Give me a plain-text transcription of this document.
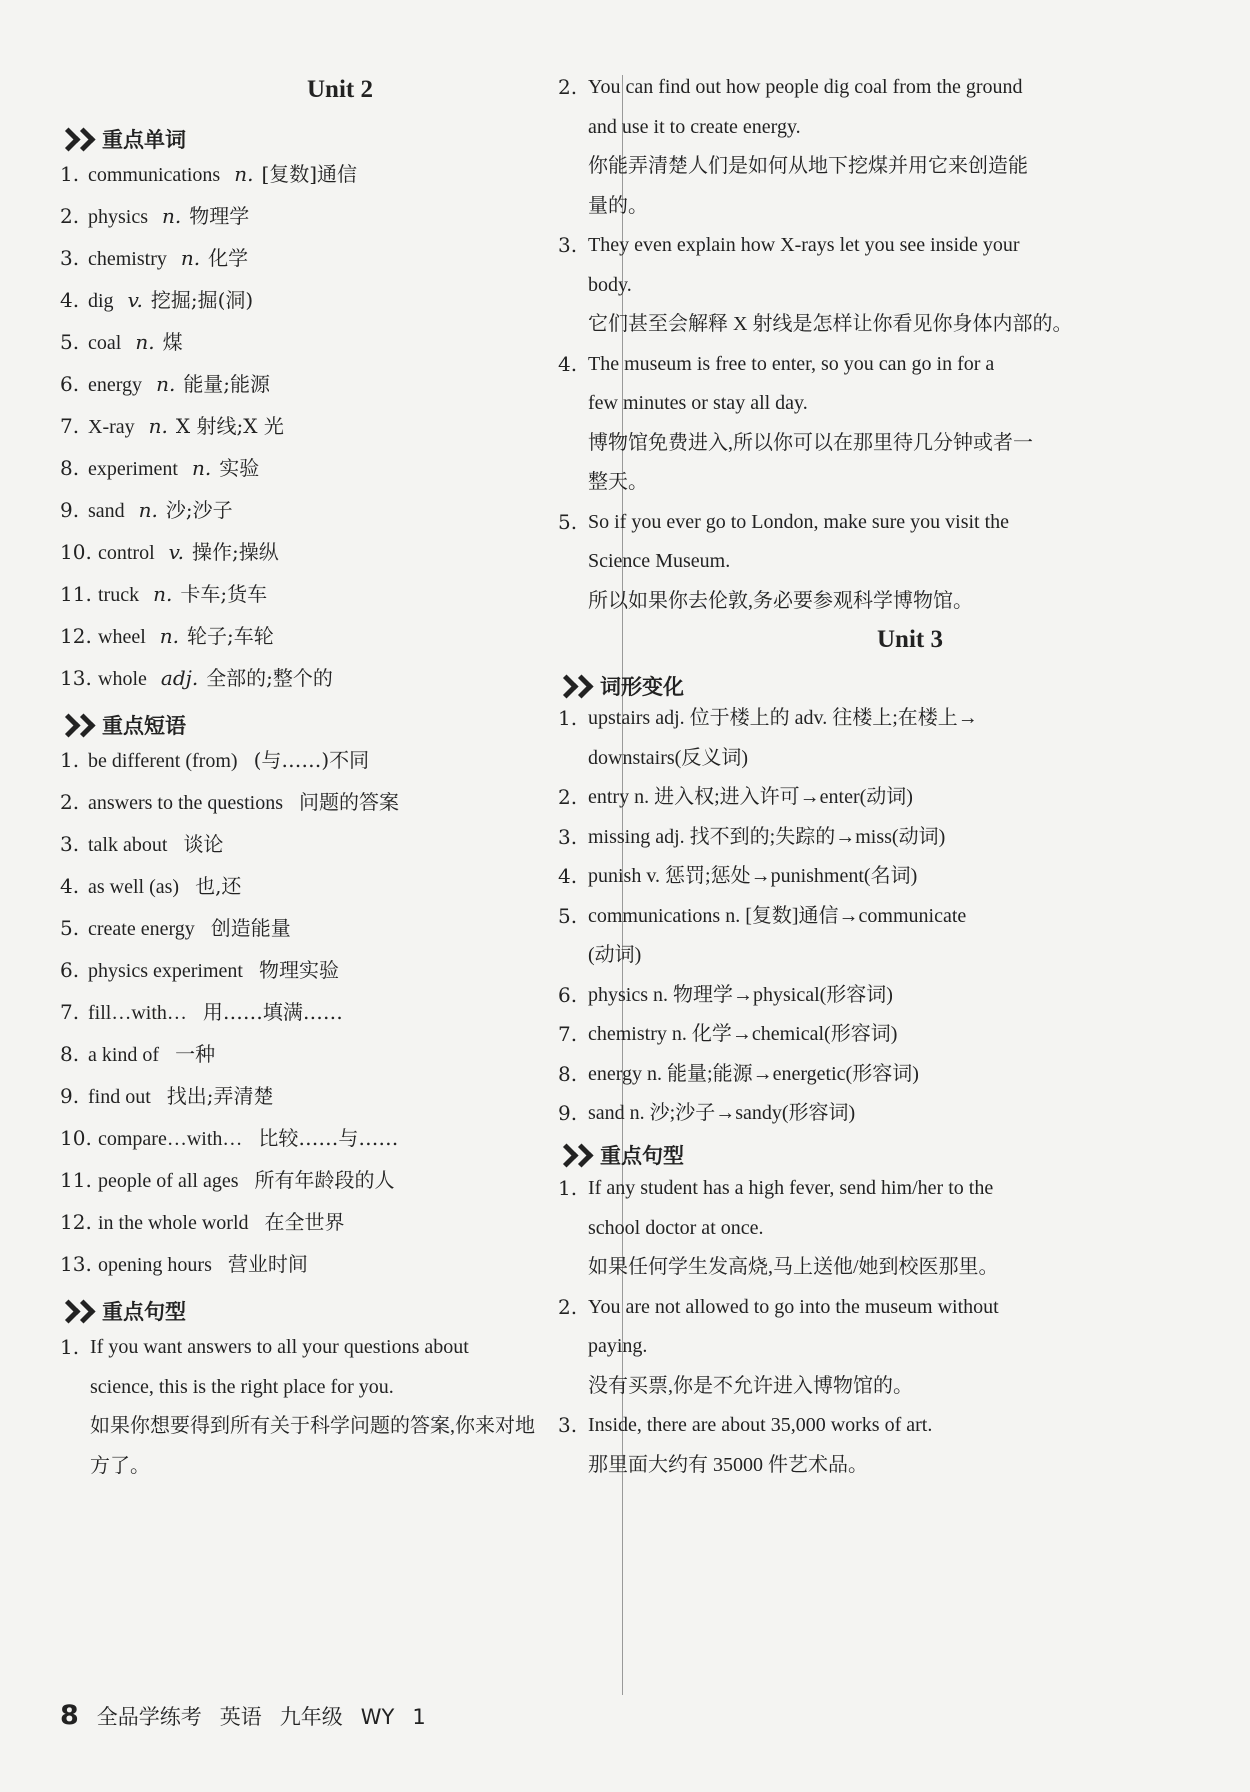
Unit 2
重点单词
1. communications n. [复数]通信
2. physics n. 物理学
3. chemistry n. 化学
4. dig v. 挖掘;掘(洞)
5. coal n. 煤
6. energy n. 能量;能源
7. X-ray n. X 射线;X 光
8. experiment n. 实验
9. sand n. 沙;沙子
10. control v. 操作;操纵
11. truck n. 卡车;货车
12. wheel n. 轮子;车轮
13. whole adj. 全部的;整个的
重点短语
1. be different (from) (与……)不同
2. answers to the questions 问题的答案
3. talk about 谈论
4. as well (as) 也,还
5. create energy 创造能量
6. physics experiment 物理实验
7. fill…with… 用……填满……
8. a kind of 一种
9. find out 找出;弄清楚
10. compare…with… 比较……与……
11. people of all ages 所有年龄段的人
12. in the whole world 在全世界
13. opening hours 营业时间
重点句型
1. If you want answers to all your questions about
science, this is the right place for you.
如果你想要得到所有关于科学问题的答案,你来对地
方了。
2. You can find out how people dig coal from the ground
and use it to create energy.
你能弄清楚人们是如何从地下挖煤并用它来创造能
量的。
3. They even explain how X-rays let you see inside your
body.
它们甚至会解释 X 射线是怎样让你看见你身体内部的。
4. The museum is free to enter, so you can go in for a
few minutes or stay all day.
博物馆免费进入,所以你可以在那里待几分钟或者一
整天。
5. So if you ever go to London, make sure you visit the
Science Museum.
所以如果你去伦敦,务必要参观科学博物馆。
Unit 3
词形变化
1. upstairs adj. 位于楼上的 adv. 往楼上;在楼上→
downstairs(反义词)
2. entry n. 进入权;进入许可→enter(动词)
3. missing adj. 找不到的;失踪的→miss(动词)
4. punish v. 惩罚;惩处→punishment(名词)
5. communications n. [复数]通信→communicate
(动词)
6. physics n. 物理学→physical(形容词)
7. chemistry n. 化学→chemical(形容词)
8. energy n. 能量;能源→energetic(形容词)
9. sand n. 沙;沙子→sandy(形容词)
重点句型
1. If any student has a high fever, send him/her to the
school doctor at once.
如果任何学生发高烧,马上送他/她到校医那里。
2. You are not allowed to go into the museum without
paying.
没有买票,你是不允许进入博物馆的。
3. Inside, there are about 35,000 works of art.
那里面大约有 35000 件艺术品。
8 全品学练考 英语 九年级 WY 1
